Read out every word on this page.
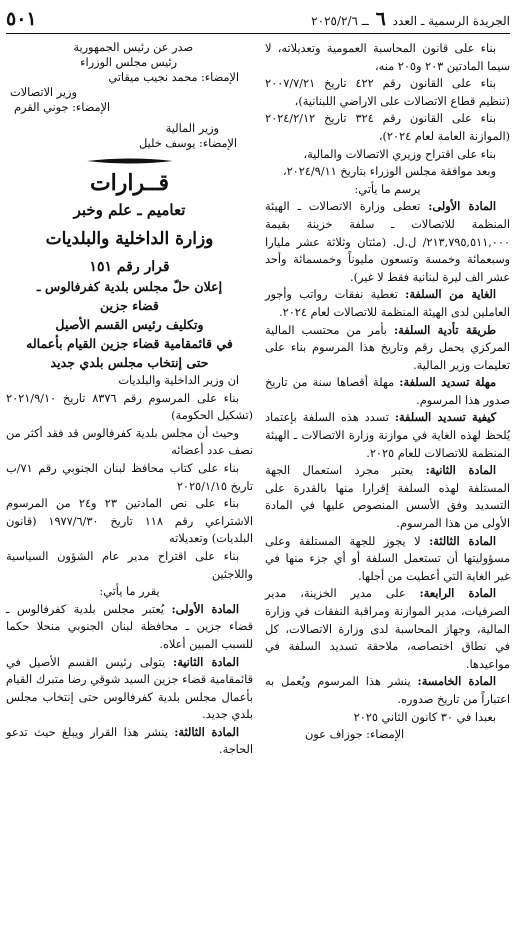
الجريدة الرسمية ـ العدد ٦ ــ ٢٠٢٥/٢/٦
٥٠١

بناء على قانون المحاسبة العمومية وتعديلاته، لا سيما المادتين ٢٠٣ و٢٠٥ منه،

بناء على القانون رقم ٤٢٢ تاريخ ٢٠٠٧/٧/٢١ (تنظيم قطاع الاتصالات على الاراضي اللبنانية)،

بناء على القانون رقم ٣٢٤ تاريخ ٢٠٢٤/٢/١٢ (الموازنة العامة لعام ٢٠٢٤)،

بناء على اقتراح وزيري الاتصالات والمالية،

وبعد موافقة مجلس الوزراء بتاريخ ٢٠٢٤/٩/١١،

يرسم ما يأتي:

المادة الأولى: تعطى وزارة الاتصالات ـ الهيئة المنظمة للاتصالات ـ سلفة خزينة بقيمة ٢١٣,٧٩٥,٥١١,٠٠٠/ ل.ل. (مئتان وثلاثة عشر مليارا وسبعمائة وخمسة وتسعون مليوناً وخمسمائة وأحد عشر الف ليرة لبنانية فقط لا غير).

الغاية من السلفة: تغطية نفقات رواتب وأجور العاملين لدى الهيئة المنظمة للاتصالات لعام ٢٠٢٤.

طريقة تأدية السلفة: بأمر من محتسب المالية المركزي يحمل رقم وتاريخ هذا المرسوم بناء على تعليمات وزير المالية.

مهلة تسديد السلفة: مهلة أقصاها سنة من تاريخ صدور هذا المرسوم.

كيفية تسديد السلفة: تسدد هذه السلفة بإعتماد يُلحظ لهذه الغاية في موازنة وزارة الاتصالات ـ الهيئة المنظمة للاتصالات للعام ٢٠٢٥.

المادة الثانية: يعتبر مجرد استعمال الجهة المستلفة لهذه السلفة إقرارا منها بالقدرة على التسديد وفق الأسس المنصوص عليها في المادة الأولى من هذا المرسوم.

المادة الثالثة: لا يجوز للجهة المستلفة وعلى مسؤوليتها أن تستعمل السلفة أو أي جزء منها في غير الغاية التي أعطيت من أجلها.

المادة الرابعة: على مدير الخزينة، مدير الصرفيات، مدير الموازنة ومراقبة النفقات في وزارة المالية، وجهاز المحاسبة لدى وزارة الاتصالات، كل في نطاق اختصاصه، ملاحقة تسديد السلفة في مواعيدها.

المادة الخامسة: ينشر هذا المرسوم ويُعمل به اعتباراً من تاريخ صدوره.

بعبدا في ٣٠ كانون الثاني ٢٠٢٥

الإمضاء: جوزاف عون

صدر عن رئيس الجمهورية

رئيس مجلس الوزراء

الإمضاء: محمد نجيب ميقاتي

وزير الاتصالات

الإمضاء: جوني القرم

وزير المالية

الإمضاء: يوسف خليل

قــرارات
تعاميم ـ علم وخبر
وزارة الداخلية والبلديات
قرار رقم ١٥١
إعلان حلّ مجلس بلدية كفرفالوس ـ
قضاء جزين
وتكليف رئيس القسم الأصيل
في قائمقامية قضاء جزين القيام بأعماله
حتى إنتخاب مجلس بلدي جديد

ان وزير الداخلية والبلديات

بناء على المرسوم رقم ٨٣٧٦ تاريخ ٢٠٢١/٩/١٠ (تشكيل الحكومة)

وحيث أن مجلس بلدية كفرفالوس قد فقد أكثر من نصف عدد أعضائه

بناء على كتاب محافظ لبنان الجنوبي رقم ٧١/ب تاريخ ٢٠٢٥/١/١٥

بناء على نص المادتين ٢٣ و٢٤ من المرسوم الاشتراعي رقم ١١٨ تاريخ ١٩٧٧/٦/٣٠ (قانون البلديات) وتعديلاته

بناء على اقتراح مدير عام الشؤون السياسية واللاجئين

يقرر ما يأتي:

المادة الأولى: يُعتبر مجلس بلدية كفرفالوس ـ قضاء جزين ـ محافظة لبنان الجنوبي منحلا حكما للسبب المبين أعلاه.

المادة الثانية: يتولى رئيس القسم الأصيل في قائمقامية قضاء جزين السيد شوقي رضا متبرك القيام بأعمال مجلس بلدية كفرفالوس حتى إنتخاب مجلس بلدي جديد.

المادة الثالثة: ينشر هذا القرار ويبلغ حيث تدعو الحاجة.
